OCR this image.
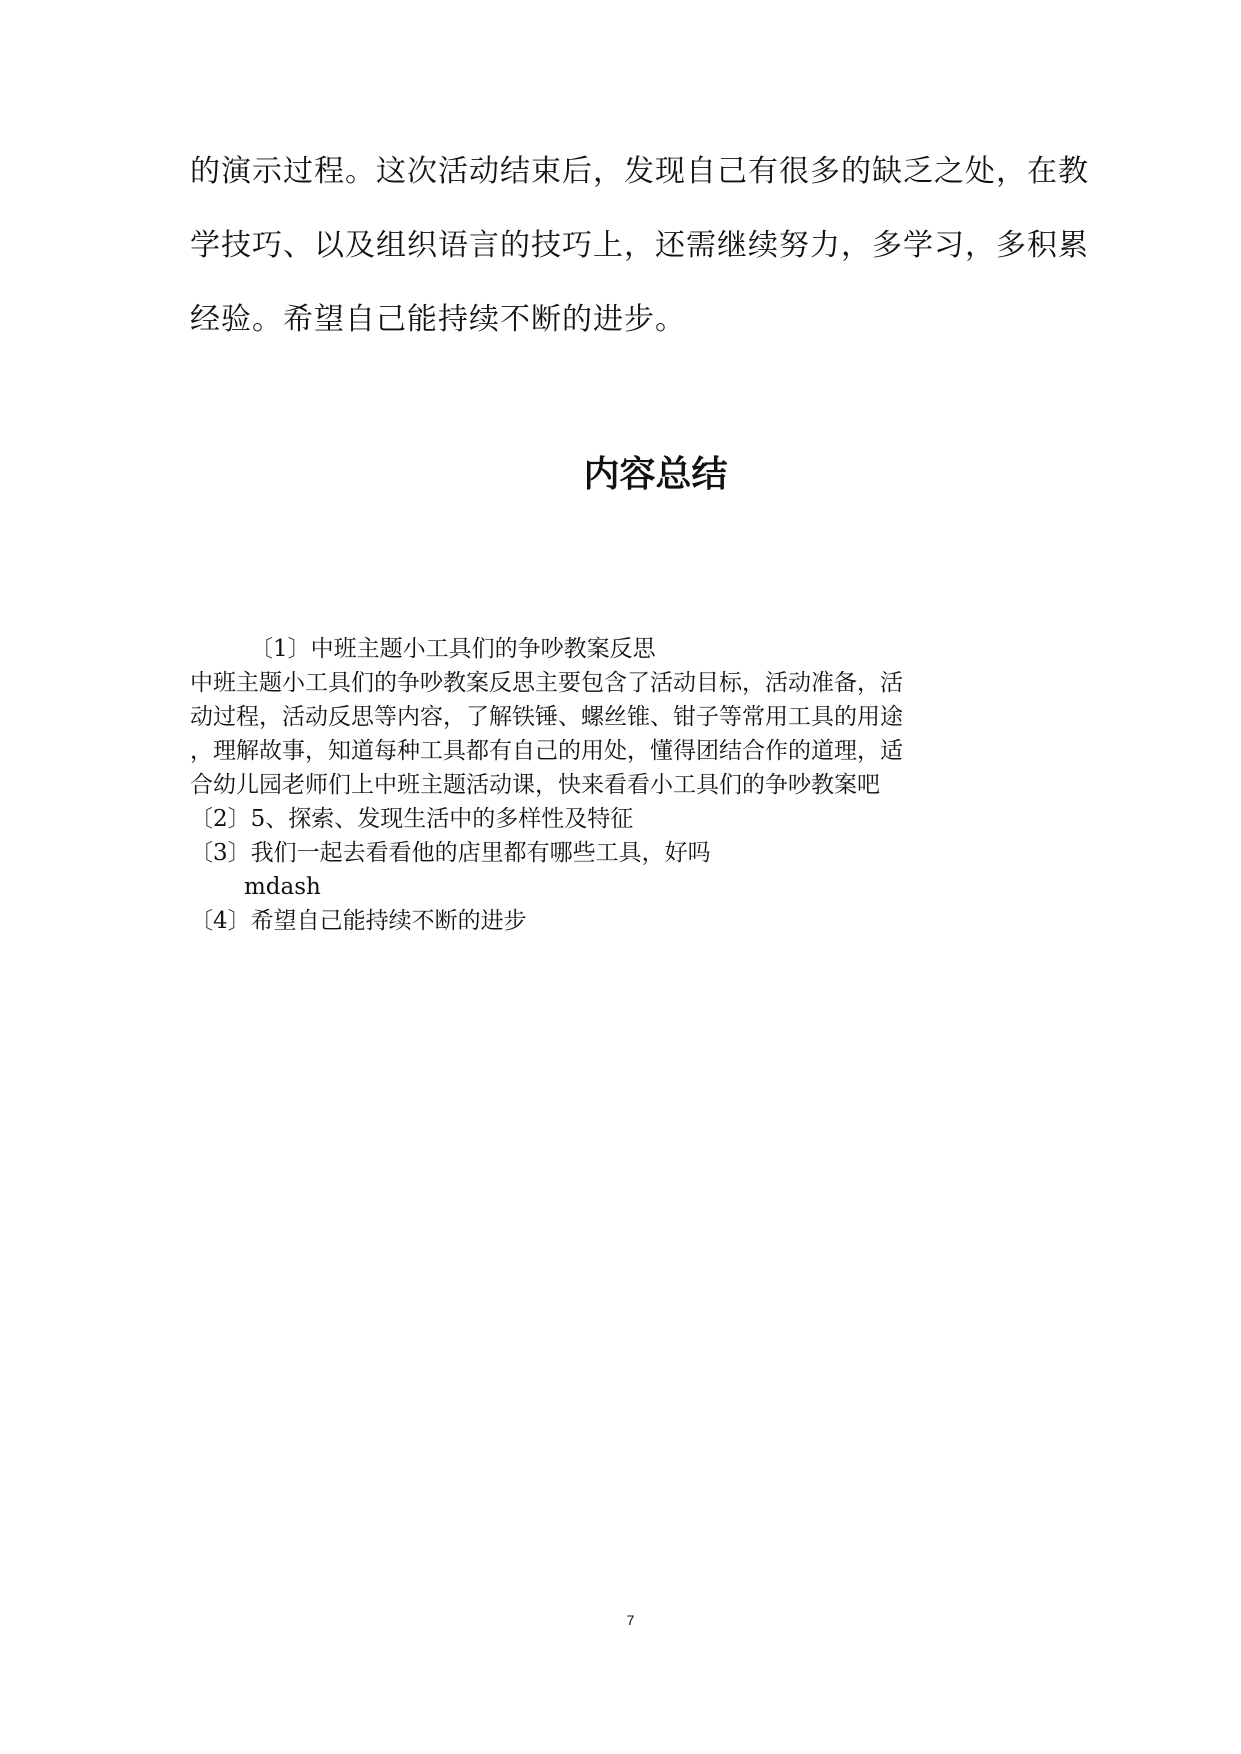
的演示过程。这次活动结束后，发现自己有很多的缺乏之处，在教
学技巧、以及组织语言的技巧上，还需继续努力，多学习，多积累
经验。希望自己能持续不断的进步。
内容总结
〔1〕中班主题小工具们的争吵教案反思
中班主题小工具们的争吵教案反思主要包含了活动目标，活动准备，活
动过程，活动反思等内容，了解铁锤、螺丝锥、钳子等常用工具的用途
，理解故事，知道每种工具都有自己的用处，懂得团结合作的道理，适
合幼儿园老师们上中班主题活动课，快来看看小工具们的争吵教案吧
〔2〕5、探索、发现生活中的多样性及特征
〔3〕我们一起去看看他的店里都有哪些工具，好吗
mdash
〔4〕希望自己能持续不断的进步
7
